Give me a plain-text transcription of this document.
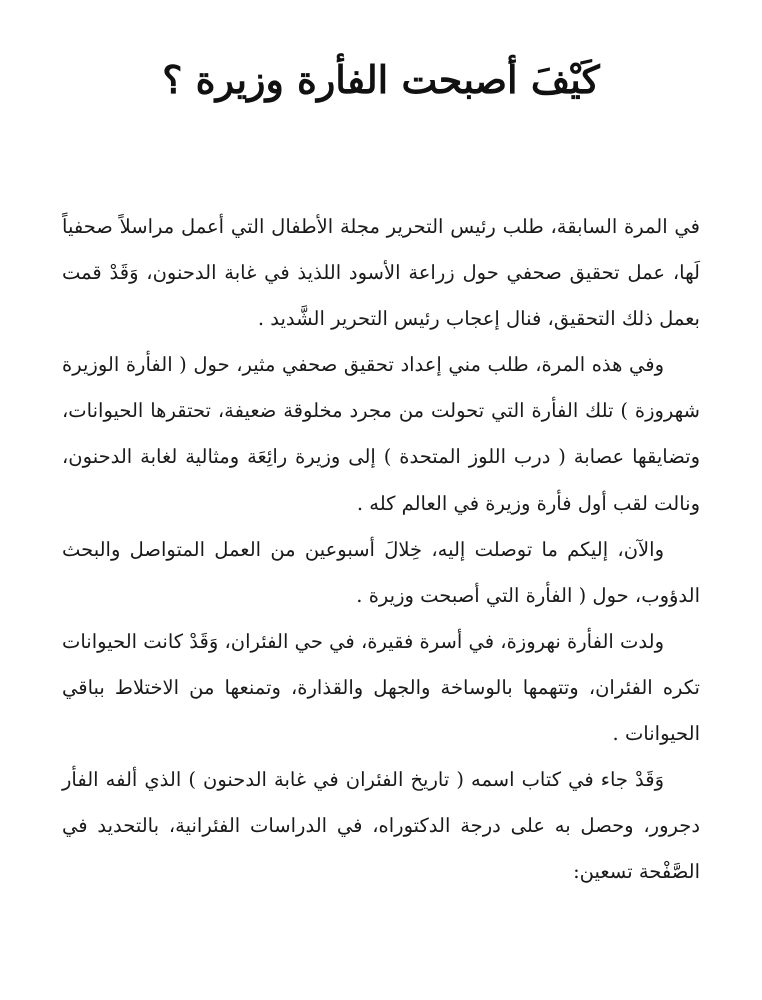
كَيْفَ أصبحت الفأرة وزيرة ؟

في المرة السابقة، طلب رئيس التحرير مجلة الأطفال التي أعمل مراسلاً صحفياً لَها، عمل تحقيق صحفي حول زراعة الأسود اللذيذ في غابة الدحنون، وَقَدْ قمت بعمل ذلك التحقيق، فنال إعجاب رئيس التحرير الشَّديد .

وفي هذه المرة، طلب مني إعداد تحقيق صحفي مثير، حول ( الفأرة الوزيرة شهروزة ) تلك الفأرة التي تحولت من مجرد مخلوقة ضعيفة، تحتقرها الحيوانات، وتضايقها عصابة ( درب اللوز المتحدة ) إلى وزيرة رائِعَة ومثالية لغابة الدحنون، ونالت لقب أول فأرة وزيرة في العالم كله .

والآن، إليكم ما توصلت إليه، خِلالَ أسبوعين من العمل المتواصل والبحث الدؤوب، حول ( الفأرة التي أصبحت وزيرة .

ولدت الفأرة نهروزة، في أسرة فقيرة، في حي الفئران، وَقَدْ كانت الحيوانات تكره الفئران، وتتهمها بالوساخة والجهل والقذارة، وتمنعها من الاختلاط بباقي الحيوانات .

وَقَدْ جاء في كتاب اسمه ( تاريخ الفئران في غابة الدحنون ) الذي ألفه الفأر دجرور، وحصل به على درجة الدكتوراه، في الدراسات الفئرانية، بالتحديد في الصَّفْحة تسعين:
